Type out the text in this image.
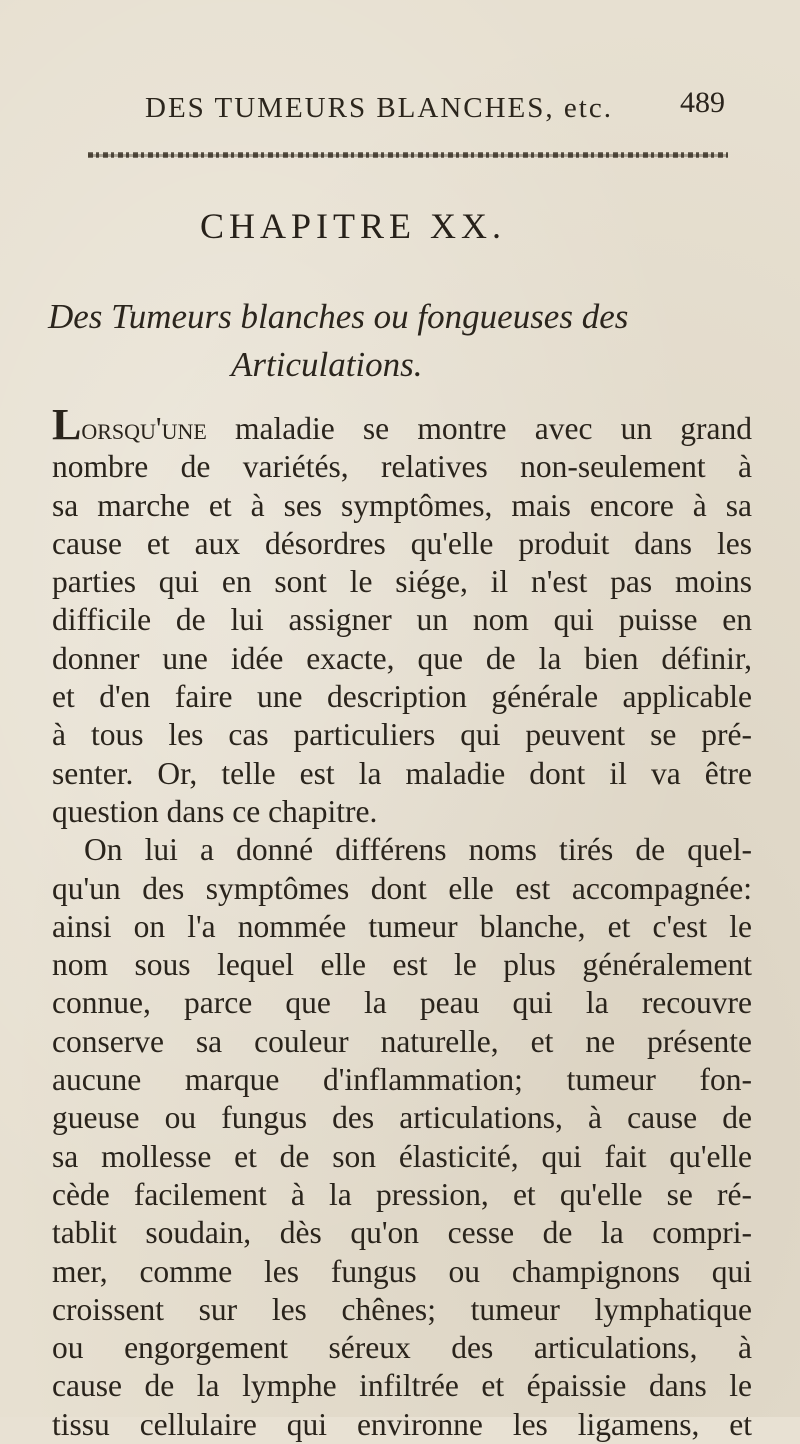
DES TUMEURS BLANCHES, etc.	489
CHAPITRE XX.
Des Tumeurs blanches ou fongueuses des
Articulations.
Lorsqu'une maladie se montre avec un grand
nombre de variétés, relatives non-seulement à
sa marche et à ses symptômes, mais encore à sa
cause et aux désordres qu'elle produit dans les
parties qui en sont le siége, il n'est pas moins
difficile de lui assigner un nom qui puisse en
donner une idée exacte, que de la bien définir,
et d'en faire une description générale applicable
à tous les cas particuliers qui peuvent se pré-
senter. Or, telle est la maladie dont il va être
question dans ce chapitre.
On lui a donné différens noms tirés de quel-
qu'un des symptômes dont elle est accompagnée:
ainsi on l'a nommée tumeur blanche, et c'est le
nom sous lequel elle est le plus généralement
connue, parce que la peau qui la recouvre
conserve sa couleur naturelle, et ne présente
aucune marque d'inflammation; tumeur fon-
gueuse ou fungus des articulations, à cause de
sa mollesse et de son élasticité, qui fait qu'elle
cède facilement à la pression, et qu'elle se ré-
tablit soudain, dès qu'on cesse de la compri-
mer, comme les fungus ou champignons qui
croissent sur les chênes; tumeur lymphatique
ou engorgement séreux des articulations, à
cause de la lymphe infiltrée et épaissie dans le
tissu cellulaire qui environne les ligamens, et
